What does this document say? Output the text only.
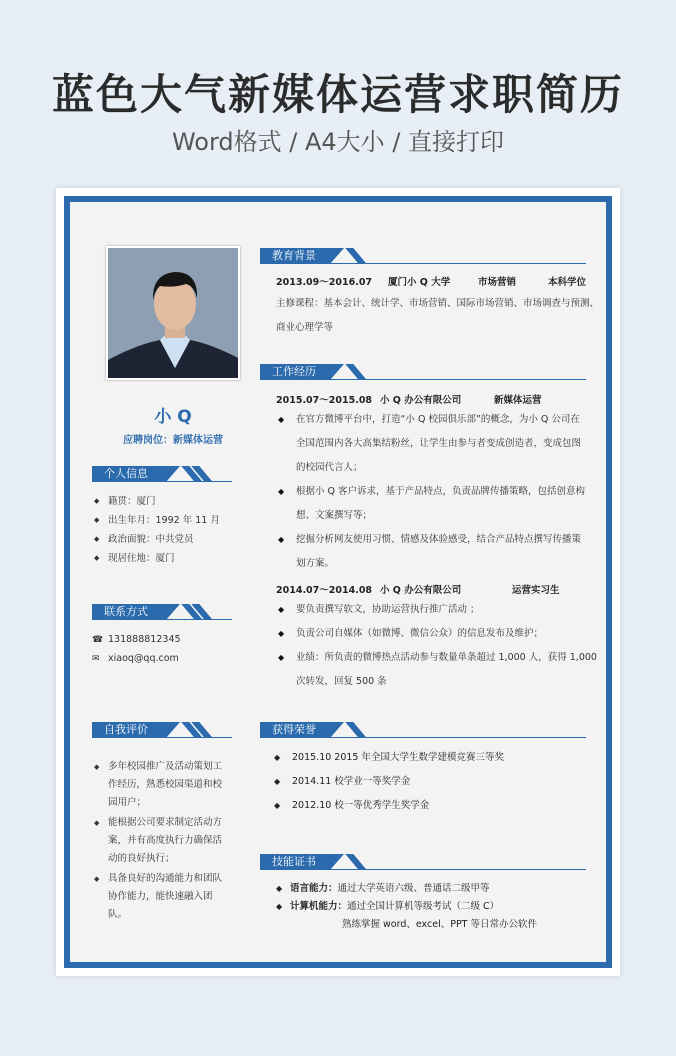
蓝色大气新媒体运营求职简历
Word格式 / A4大小 / 直接打印
小 Q
应聘岗位：新媒体运营
个人信息
◆ 籍贯：厦门
◆ 出生年月：1992 年 11 月
◆ 政治面貌：中共党员
◆ 现居住地：厦门
联系方式
☎ 131888812345
✉ xiaoq@qq.com
自我评价
◆ 多年校园推广及活动策划工作经历，熟悉校园渠道和校园用户；
◆ 能根据公司要求制定活动方案，并有高度执行力确保活动的良好执行；
◆ 具备良好的沟通能力和团队协作能力，能快速融入团队。
教育背景
2013.09～2016.07 厦门小 Q 大学	市场营销	本科学位
主修课程：基本会计、统计学、市场营销、国际市场营销、市场调查与预测、
商业心理学等
工作经历
2015.07～2015.08 小 Q 办公有限公司	新媒体运营
◆ 在官方微博平台中，打造“小 Q 校园俱乐部”的概念，为小 Q 公司在
全国范围内各大高集结粉丝，让学生由参与者变成创造者，变成包图
的校园代言人；
◆ 根据小 Q 客户诉求，基于产品特点，负责品牌传播策略，包括创意构
想、文案撰写等；
◆ 挖掘分析网友使用习惯、情感及体验感受，结合产品特点撰写传播策
划方案。
2014.07～2014.08 小 Q 办公有限公司	运营实习生
◆ 要负责撰写软文，协助运营执行推广活动 ；
◆ 负责公司自媒体（如微博、微信公众）的信息发布及维护；
◆ 业绩：所负责的微博热点活动参与数量单条超过 1,000 人，获得 1,000
次转发，回复 500 条
获得荣誉
◆ 2015.10 2015 年全国大学生数学建模竞赛三等奖
◆ 2014.11 校学业一等奖学金
◆ 2012.10 校一等优秀学生奖学金
技能证书
◆ 语言能力：通过大学英语六级、普通话二级甲等
◆ 计算机能力：通过全国计算机等级考试（二级 C）
熟练掌握 word、excel、PPT 等日常办公软件
